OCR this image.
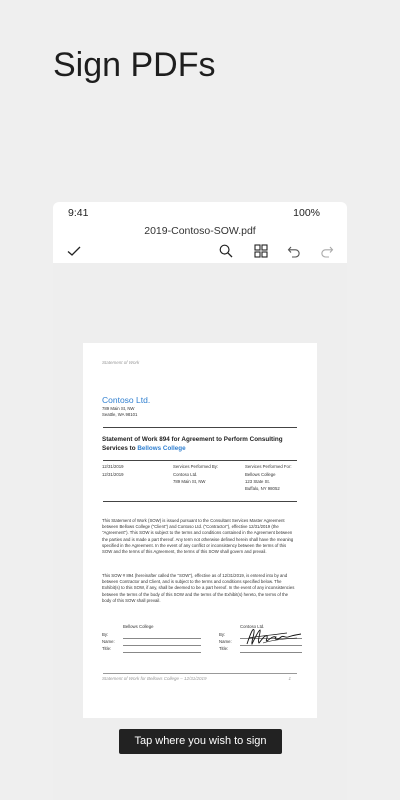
Sign PDFs
9:41	100%
2019-Contoso-SOW.pdf
Statement of Work
Contoso Ltd.
789 Main St, NW
Seattle, WA 98101
Statement of Work 894 for Agreement to Perform Consulting
Services to Bellows College
12/31/2019
12/31/2019
Services Performed By:
Contoso Ltd.
789 Main St, NW
Services Performed For:
Bellows College
123 State St.
Buffalo, NY 98052
This Statement of Work (SOW) is issued pursuant to the Consultant Services Master Agreement
between Bellows College ("Client") and Contoso Ltd. ("Contractor"), effective 12/31/2019 (the
"Agreement"). This SOW is subject to the terms and conditions contained in the Agreement between
the parties and is made a part thereof. Any term not otherwise defined herein shall have the meaning
specified in the Agreement. In the event of any conflict or inconsistency between the terms of this
SOW and the terms of this Agreement, the terms of this SOW shall govern and prevail.
This SOW # 894 (hereinafter called the "SOW"), effective as of 12/31/2019, is entered into by and
between Contractor and Client, and is subject to the terms and conditions specified below. The
Exhibit(s) to this SOW, if any, shall be deemed to be a part hereof. In the event of any inconsistencies
between the terms of the body of this SOW and the terms of the Exhibit(s) hereto, the terms of the
body of this SOW shall prevail.
Bellows College
By:
Name:
Title:
Contoso Ltd.
By:
Name:
Title:
Statement of Work for Bellows College – 12/31/2019	1
Tap where you wish to sign
